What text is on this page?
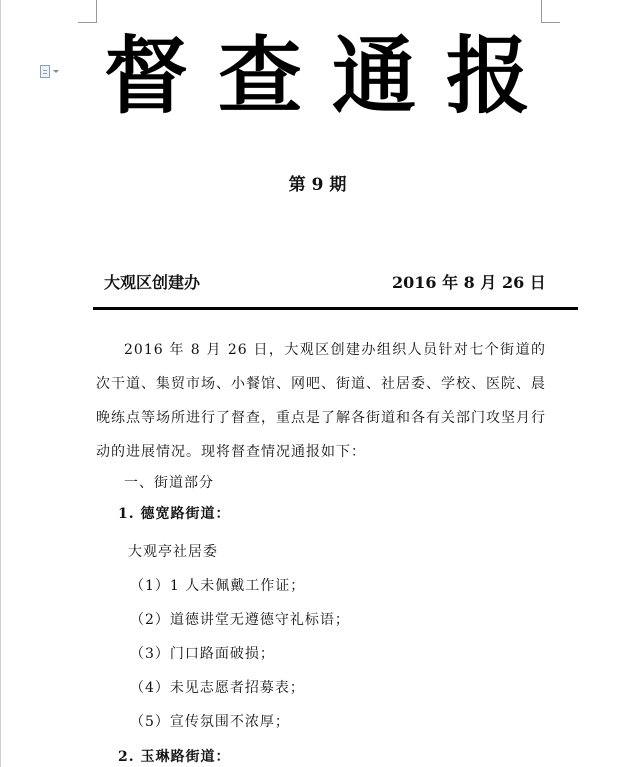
督查通报
第 9 期
大观区创建办	2016 年 8 月 26 日
2016 年 8 月 26 日，大观区创建办组织人员针对七个街道的次干道、集贸市场、小餐馆、网吧、街道、社居委、学校、医院、晨晚练点等场所进行了督查，重点是了解各街道和各有关部门攻坚月行动的进展情况。现将督查情况通报如下：
一、街道部分
1. 德宽路街道：
大观亭社居委
（1）1 人未佩戴工作证；
（2）道德讲堂无遵德守礼标语；
（3）门口路面破损；
（4）未见志愿者招募表；
（5）宣传氛围不浓厚；
2. 玉琳路街道：
